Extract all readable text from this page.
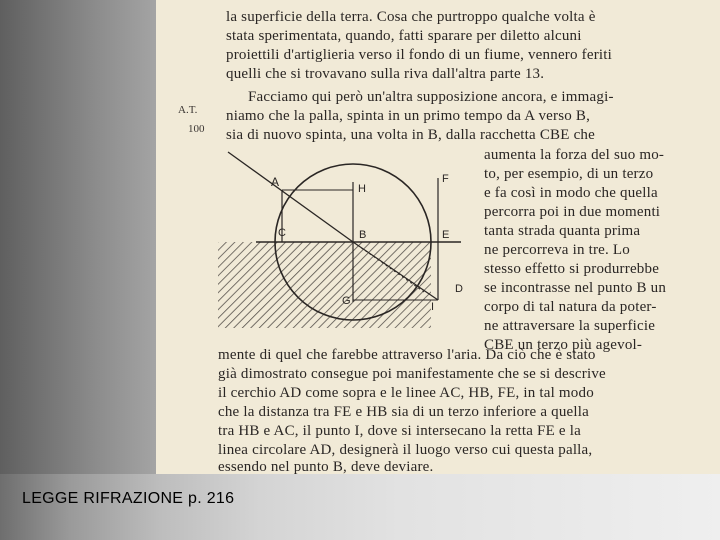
A.T.
100
la superficie della terra. Cosa che purtroppo qualche volta è
stata sperimentata, quando, fatti sparare per diletto alcuni
proiettili d'artiglieria verso il fondo di un fiume, vennero feriti
quelli che si trovavano sulla riva dall'altra parte 13.
Facciamo qui però un'altra supposizione ancora, e immagi-
niamo che la palla, spinta in un primo tempo da A verso B,
sia di nuovo spinta, una volta in B, dalla racchetta CBE che
aumenta la forza del suo mo-
to, per esempio, di un terzo
e fa così in modo che quella
percorra poi in due momenti
tanta strada quanta prima
ne percorreva in tre. Lo
stesso effetto si produrrebbe
se incontrasse nel punto B un
corpo di tal natura da poter-
ne attraversare la superficie
CBE un terzo più agevol-
mente di quel che farebbe attraverso l'aria. Da ciò che è stato
già dimostrato consegue poi manifestamente che se si descrive
il cerchio AD come sopra e le linee AC, HB, FE, in tal modo
che la distanza tra FE e HB sia di un terzo inferiore a quella
tra HB e AC, il punto I, dove si intersecano la retta FE e la
linea circolare AD, designerà il luogo verso cui questa palla,
essendo nel punto B, deve deviare.
A	H
F
C	B	E
D
G	I
LEGGE RIFRAZIONE p. 216
